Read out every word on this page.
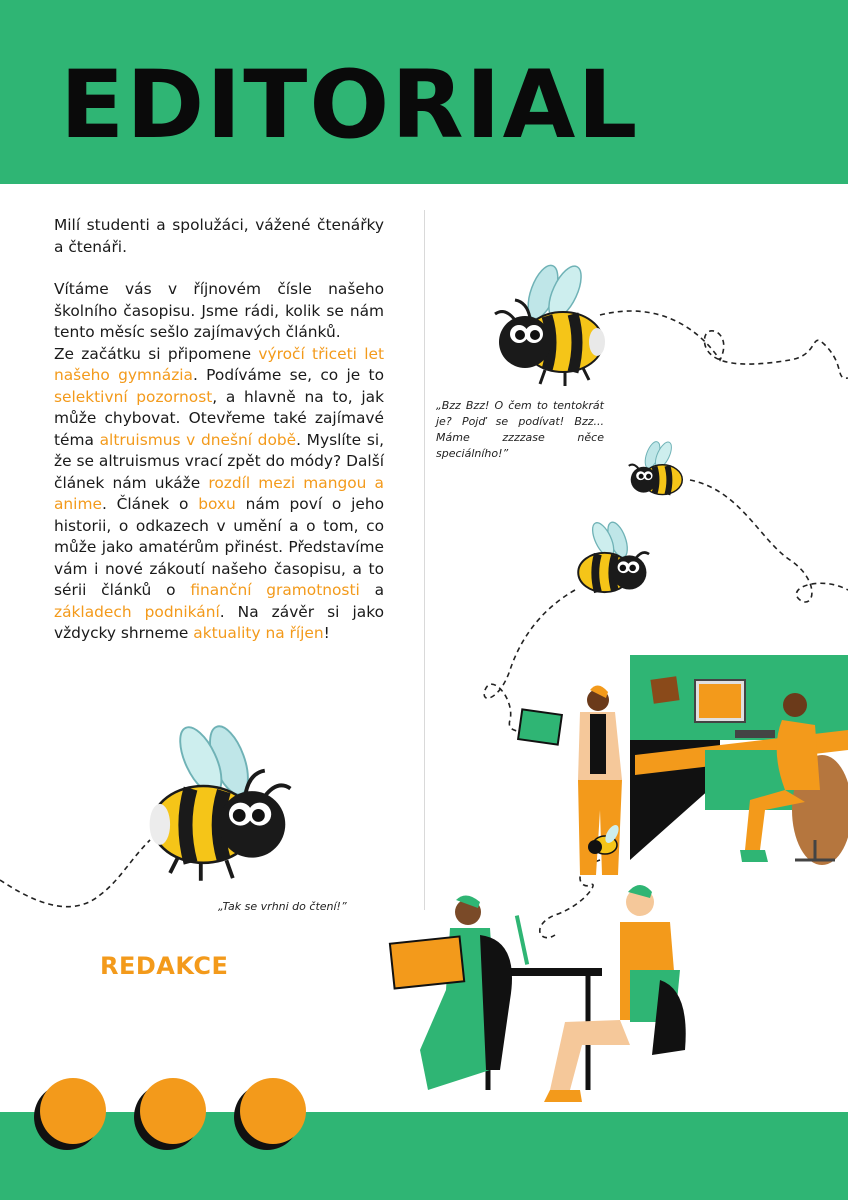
EDITORIAL

Milí studenti a spolužáci, vážené čtenářky a čtenáři.

Vítáme vás v říjnovém čísle našeho školního časopisu. Jsme rádi, kolik se nám tento měsíc sešlo zajímavých článků.

Ze začátku si připomene výročí třiceti let našeho gymnázia. Podíváme se, co je to selektivní pozornost, a hlavně na to, jak může chybovat. Otevřeme také zajímavé téma altruismus v dnešní době. Myslíte si, že se altruismus vrací zpět do módy? Další článek nám ukáže rozdíl mezi mangou a anime. Článek o boxu nám poví o jeho historii, o odkazech v umění a o tom, co může jako amatérům přinést. Představíme vám i nové zákoutí našeho časopisu, a to sérii článků o finanční gramotnosti a základech podnikání. Na závěr si jako vždycky shrneme aktuality na říjen!

„Bzz Bzz! O čem to tentokrát je? Pojď se podívat! Bzz... Máme zzzzase něce speciálního!”
„Tak se vrhni do čtení!”

REDAKCE
